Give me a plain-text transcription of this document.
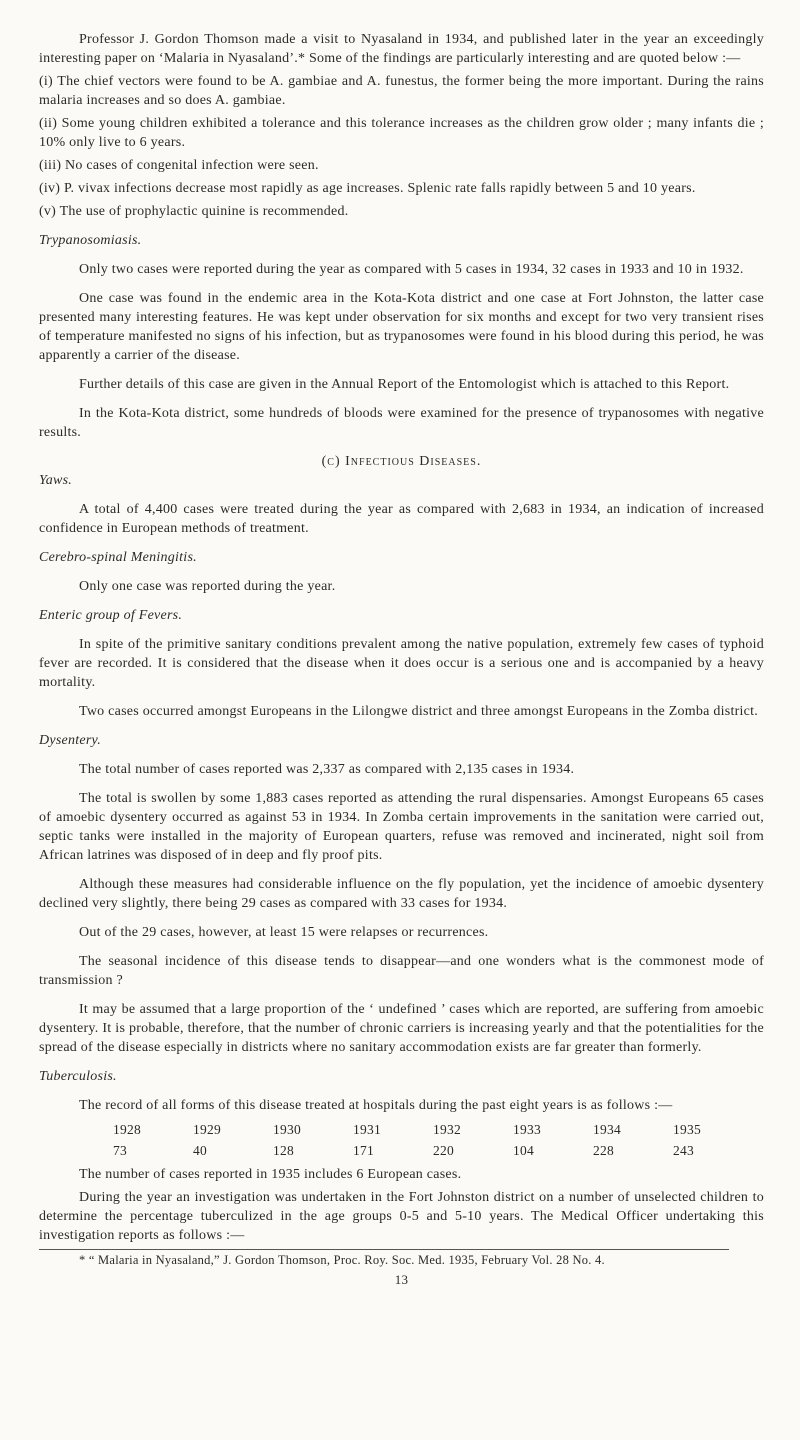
Professor J. Gordon Thomson made a visit to Nyasaland in 1934, and published later in the year an exceedingly interesting paper on ‘Malaria in Nyasaland’.* Some of the findings are particularly interesting and are quoted below :—

(i) The chief vectors were found to be A. gambiae and A. funestus, the former being the more important. During the rains malaria increases and so does A. gambiae.

(ii) Some young children exhibited a tolerance and this tolerance increases as the children grow older ; many infants die ; 10% only live to 6 years.

(iii) No cases of congenital infection were seen.

(iv) P. vivax infections decrease most rapidly as age increases. Splenic rate falls rapidly between 5 and 10 years.

(v) The use of prophylactic quinine is recommended.

Trypanosomiasis.

Only two cases were reported during the year as compared with 5 cases in 1934, 32 cases in 1933 and 10 in 1932.

One case was found in the endemic area in the Kota-Kota district and one case at Fort Johnston, the latter case presented many interesting features. He was kept under observation for six months and except for two very transient rises of temperature manifested no signs of his infection, but as trypanosomes were found in his blood during this period, he was apparently a carrier of the disease.

Further details of this case are given in the Annual Report of the Entomologist which is attached to this Report.

In the Kota-Kota district, some hundreds of bloods were examined for the presence of trypanosomes with negative results.

(c) Infectious Diseases.

Yaws.

A total of 4,400 cases were treated during the year as compared with 2,683 in 1934, an indication of increased confidence in European methods of treatment.

Cerebro-spinal Meningitis.

Only one case was reported during the year.

Enteric group of Fevers.

In spite of the primitive sanitary conditions prevalent among the native population, extremely few cases of typhoid fever are recorded. It is considered that the disease when it does occur is a serious one and is accompanied by a heavy mortality.

Two cases occurred amongst Europeans in the Lilongwe district and three amongst Europeans in the Zomba district.

Dysentery.

The total number of cases reported was 2,337 as compared with 2,135 cases in 1934.

The total is swollen by some 1,883 cases reported as attending the rural dispensaries. Amongst Europeans 65 cases of amoebic dysentery occurred as against 53 in 1934. In Zomba certain improvements in the sanitation were carried out, septic tanks were installed in the majority of European quarters, refuse was removed and incinerated, night soil from African latrines was disposed of in deep and fly proof pits.

Although these measures had considerable influence on the fly population, yet the incidence of amoebic dysentery declined very slightly, there being 29 cases as compared with 33 cases for 1934.

Out of the 29 cases, however, at least 15 were relapses or recurrences.

The seasonal incidence of this disease tends to disappear—and one wonders what is the commonest mode of transmission ?

It may be assumed that a large proportion of the ‘ undefined ’ cases which are reported, are suffering from amoebic dysentery. It is probable, therefore, that the number of chronic carriers is increasing yearly and that the potentialities for the spread of the disease especially in districts where no sanitary accommodation exists are far greater than formerly.

Tuberculosis.

The record of all forms of this disease treated at hospitals during the past eight years is as follows :—

1928	1929	1930	1931	1932	1933	1934	1935
73	40	128	171	220	104	228	243

The number of cases reported in 1935 includes 6 European cases.

During the year an investigation was undertaken in the Fort Johnston district on a number of unselected children to determine the percentage tuberculized in the age groups 0-5 and 5-10 years. The Medical Officer undertaking this investigation reports as follows :—

* “ Malaria in Nyasaland,” J. Gordon Thomson, Proc. Roy. Soc. Med. 1935, February Vol. 28 No. 4.

13
